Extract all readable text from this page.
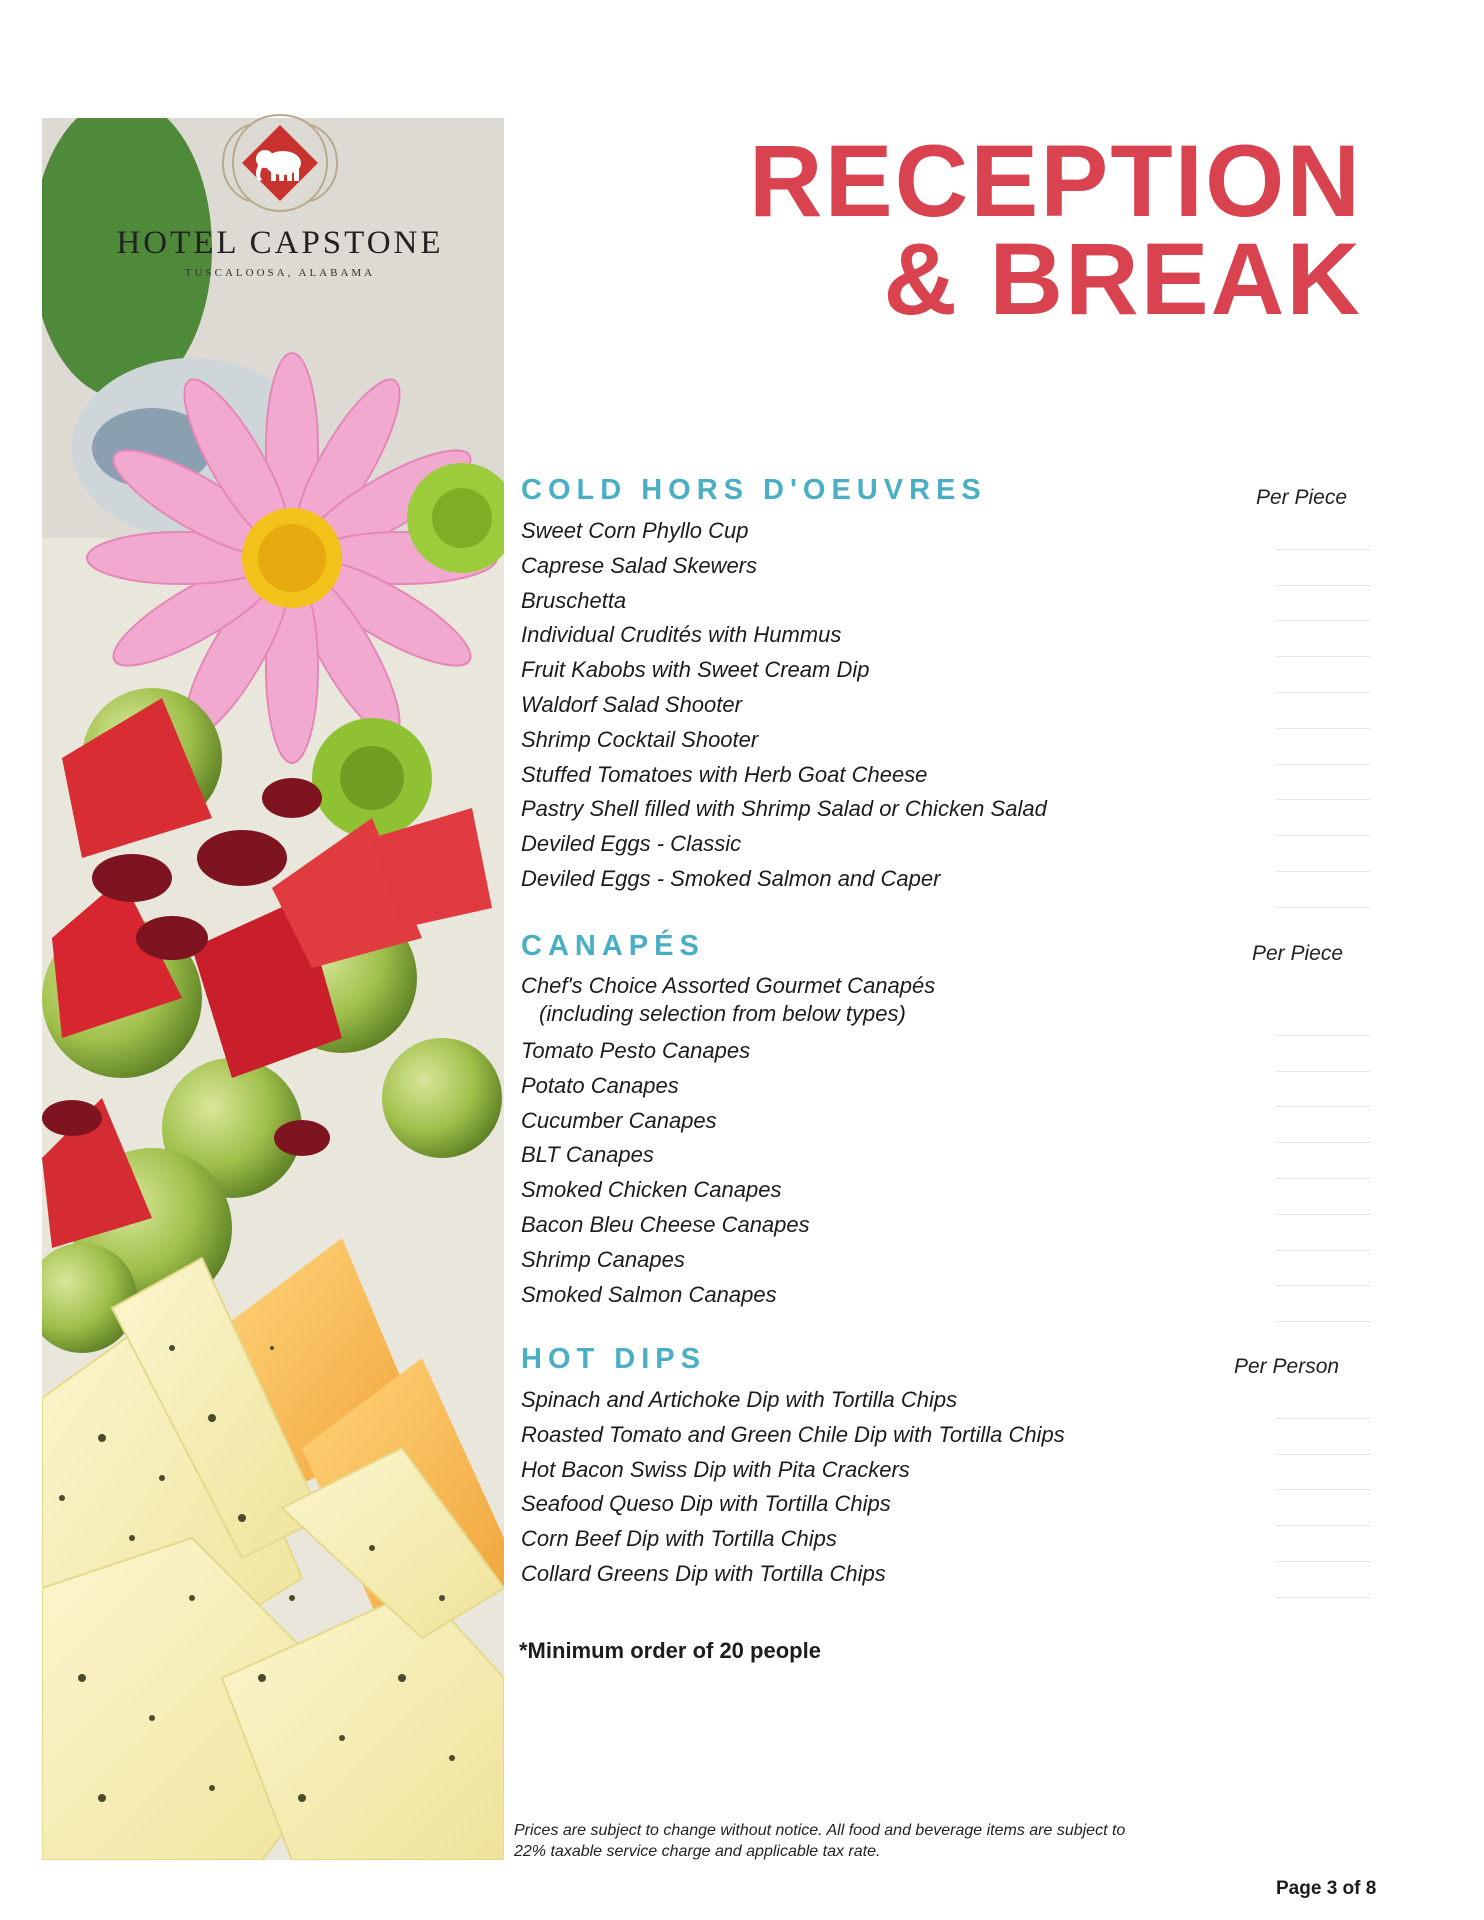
HOTEL CAPSTONE
TUSCALOOSA, ALABAMA
RECEPTION
& BREAK
COLD HORS D'OEUVRES	Per Piece
Sweet Corn Phyllo Cup
Caprese Salad Skewers
Bruschetta
Individual Crudités with Hummus
Fruit Kabobs with Sweet Cream Dip
Waldorf Salad Shooter
Shrimp Cocktail Shooter
Stuffed Tomatoes with Herb Goat Cheese
Pastry Shell filled with Shrimp Salad or Chicken Salad
Deviled Eggs - Classic
Deviled Eggs - Smoked Salmon and Caper
CANAPÉS	Per Piece
Chef's Choice Assorted Gourmet Canapés
(including selection from below types)
Tomato Pesto Canapes
Potato Canapes
Cucumber Canapes
BLT Canapes
Smoked Chicken Canapes
Bacon Bleu Cheese Canapes
Shrimp Canapes
Smoked Salmon Canapes
HOT DIPS	Per Person
Spinach and Artichoke Dip with Tortilla Chips
Roasted Tomato and Green Chile Dip with Tortilla Chips
Hot Bacon Swiss Dip with Pita Crackers
Seafood Queso Dip with Tortilla Chips
Corn Beef Dip with Tortilla Chips
Collard Greens Dip with Tortilla Chips
*Minimum order of 20 people
Prices are subject to change without notice. All food and beverage items are subject to 22% taxable service charge and applicable tax rate.
Page 3 of 8
